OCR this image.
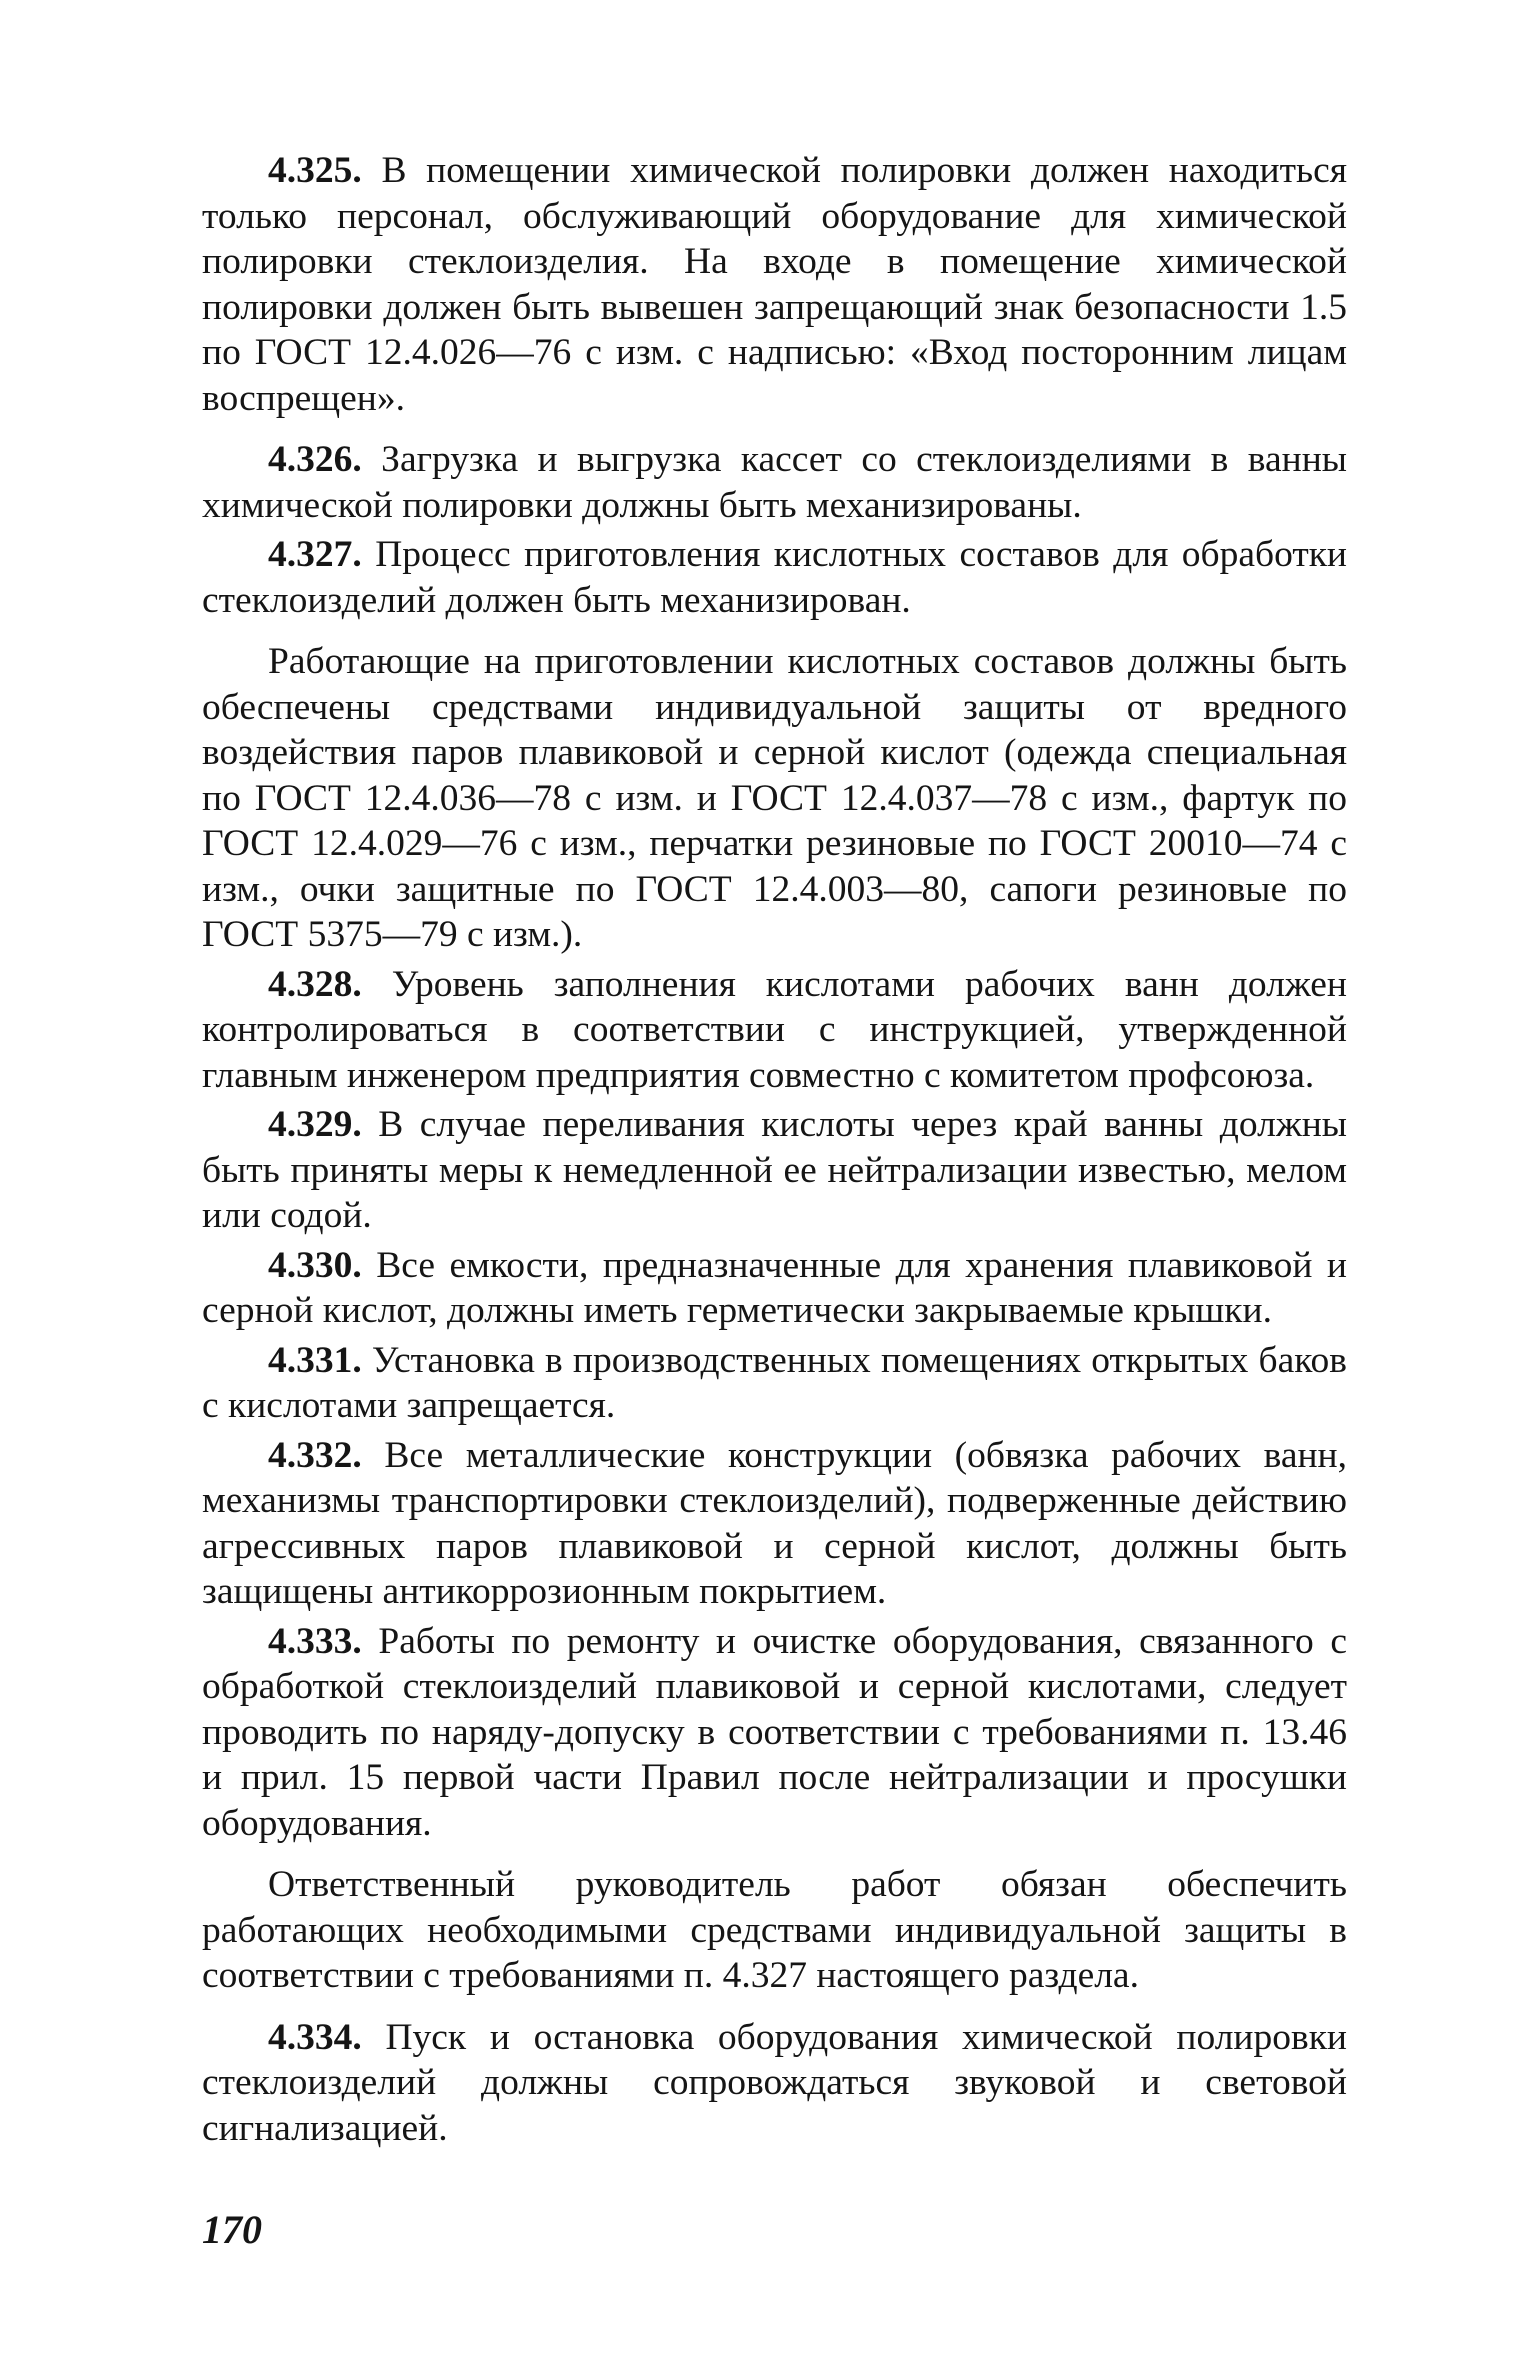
4.325. В помещении химической полировки должен находиться только персонал, обслуживающий оборудование для химической полировки стеклоизделия. На входе в помещение химической полировки должен быть вывешен запрещающий знак безопасности 1.5 по ГОСТ 12.4.026—76 с изм. с надписью: «Вход посторонним лицам воспрещен».

4.326. Загрузка и выгрузка кассет со стеклоизделиями в ванны химической полировки должны быть механизированы.

4.327. Процесс приготовления кислотных составов для обработки стеклоизделий должен быть механизирован.

Работающие на приготовлении кислотных составов должны быть обеспечены средствами индивидуальной защиты от вредного воздействия паров плавиковой и серной кислот (одежда специальная по ГОСТ 12.4.036—78 с изм. и ГОСТ 12.4.037—78 с изм., фартук по ГОСТ 12.4.029—76 с изм., перчатки резиновые по ГОСТ 20010—74 с изм., очки защитные по ГОСТ 12.4.003—80, сапоги резиновые по ГОСТ 5375—79 с изм.).

4.328. Уровень заполнения кислотами рабочих ванн должен контролироваться в соответствии с инструкцией, утвержденной главным инженером предприятия совместно с комитетом профсоюза.

4.329. В случае переливания кислоты через край ванны должны быть приняты меры к немедленной ее нейтрализации известью, мелом или содой.

4.330. Все емкости, предназначенные для хранения плавиковой и серной кислот, должны иметь герметически закрываемые крышки.

4.331. Установка в производственных помещениях открытых баков с кислотами запрещается.

4.332. Все металлические конструкции (обвязка рабочих ванн, механизмы транспортировки стеклоизделий), подверженные действию агрессивных паров плавиковой и серной кислот, должны быть защищены антикоррозионным покрытием.

4.333. Работы по ремонту и очистке оборудования, связанного с обработкой стеклоизделий плавиковой и серной кислотами, следует проводить по наряду-допуску в соответствии с требованиями п. 13.46 и прил. 15 первой части Правил после нейтрализации и просушки оборудования.

Ответственный руководитель работ обязан обеспечить работающих необходимыми средствами индивидуальной защиты в соответствии с требованиями п. 4.327 настоящего раздела.

4.334. Пуск и остановка оборудования химической полировки стеклоизделий должны сопровождаться звуковой и световой сигнализацией.

170
